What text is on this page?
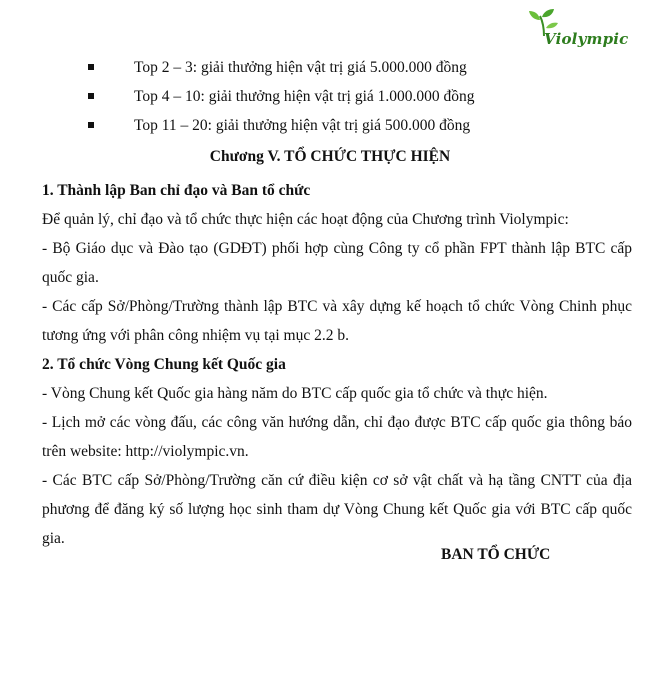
Violympic
Top 2 – 3: giải thưởng hiện vật trị giá 5.000.000 đồng
Top 4 – 10: giải thưởng hiện vật trị giá 1.000.000 đồng
Top 11 – 20: giải thưởng hiện vật trị giá 500.000 đồng
Chương V. TỔ CHỨC THỰC HIỆN

1. Thành lập Ban chỉ đạo và Ban tổ chức

Để quản lý, chỉ đạo và tổ chức thực hiện các hoạt động của Chương trình Violympic:

- Bộ Giáo dục và Đào tạo (GDĐT) phối hợp cùng Công ty cổ phần FPT thành lập BTC cấp quốc gia.

- Các cấp Sở/Phòng/Trường thành lập BTC và xây dựng kế hoạch tổ chức Vòng Chinh phục tương ứng với phân công nhiệm vụ tại mục 2.2 b.

2. Tổ chức Vòng Chung kết Quốc gia

- Vòng Chung kết Quốc gia hàng năm do BTC cấp quốc gia tổ chức và thực hiện.

- Lịch mở các vòng đấu, các công văn hướng dẫn, chỉ đạo được BTC cấp quốc gia thông báo trên website: http://violympic.vn.

- Các BTC cấp Sở/Phòng/Trường căn cứ điều kiện cơ sở vật chất và hạ tầng CNTT của địa phương để đăng ký số lượng học sinh tham dự Vòng Chung kết Quốc gia với BTC cấp quốc gia.

BAN TỔ CHỨC
